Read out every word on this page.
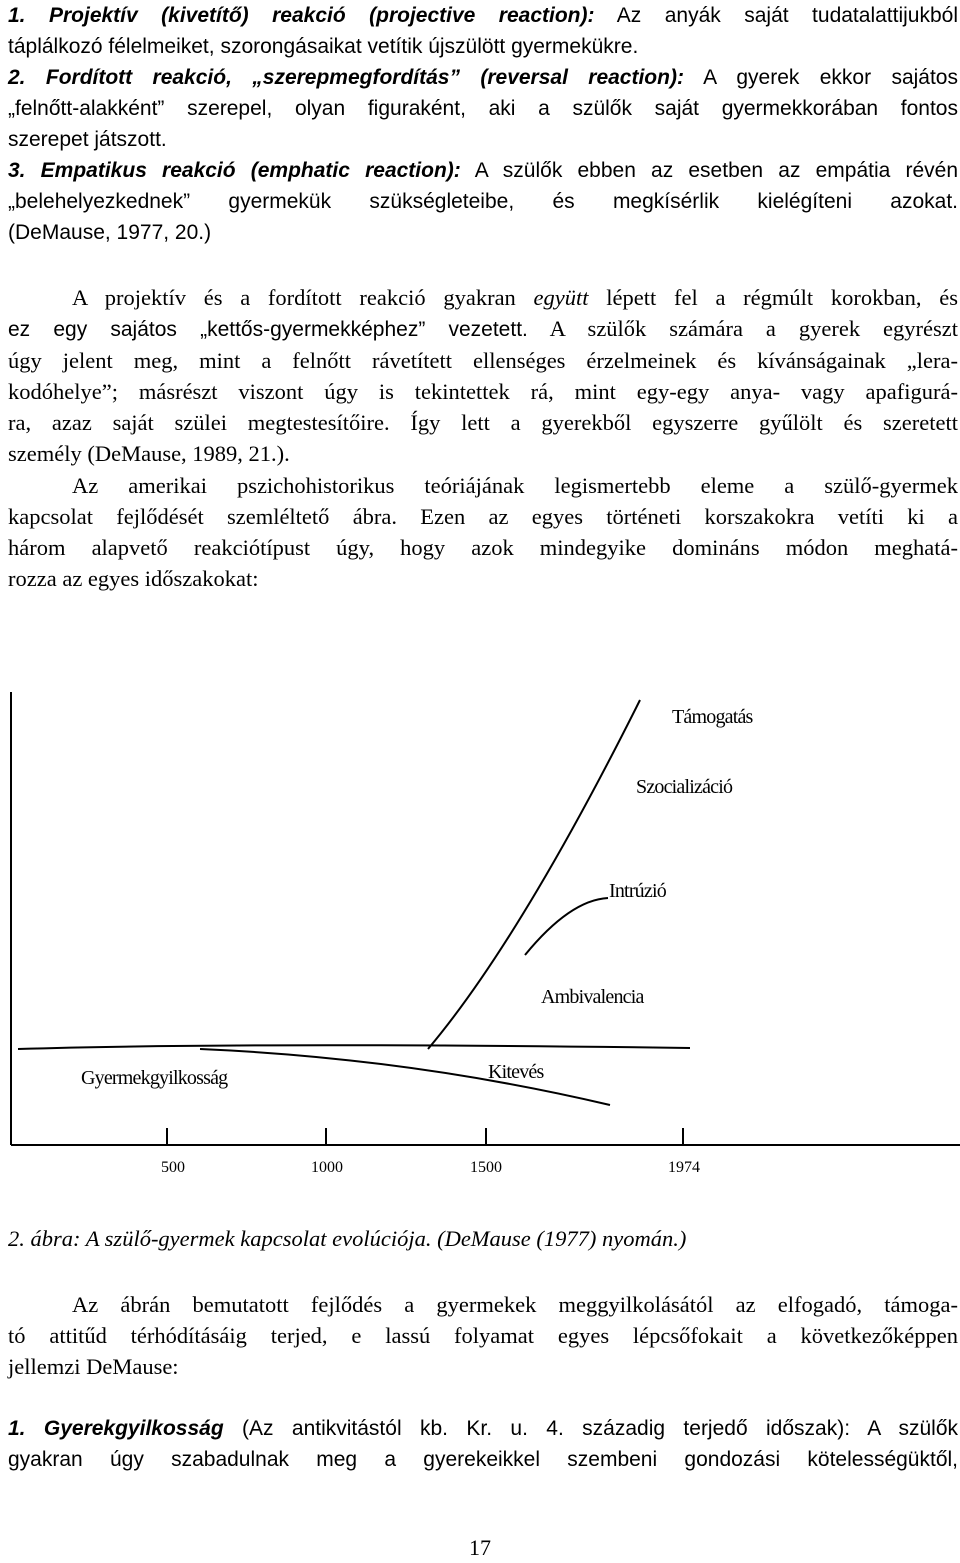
1. Projektív (kivetítő) reakció (projective reaction): Az anyák saját tudatalattijukból
táplálkozó félelmeiket, szorongásaikat vetítik újszülött gyermekükre.
2. Fordított reakció, „szerepmegfordítás” (reversal reaction): A gyerek ekkor sajátos
„felnőtt-alakként” szerepel, olyan figuraként, aki a szülők saját gyermekkorában fontos
szerepet játszott.
3. Empatikus reakció (emphatic reaction): A szülők ebben az esetben az empátia révén
„belehelyezkednek” gyermekük szükségleteibe, és megkísérlik kielégíteni azokat.
(DeMause, 1977, 20.)
A projektív és a fordított reakció gyakran együtt lépett fel a régmúlt korokban, és
ez egy sajátos „kettős-gyermekképhez” vezetett. A szülők számára a gyerek egyrészt
úgy jelent meg, mint a felnőtt rávetített ellenséges érzelmeinek és kívánságainak „lera-
kodóhelye”; másrészt viszont úgy is tekintettek rá, mint egy-egy anya- vagy apafigurá-
ra, azaz saját szülei megtestesítőire. Így lett a gyerekből egyszerre gyűlölt és szeretett
személy (DeMause, 1989, 21.).
Az amerikai pszichohistorikus teóriájának legismertebb eleme a szülő-gyermek
kapcsolat fejlődését szemléltető ábra. Ezen az egyes történeti korszakokra vetíti ki a
három alapvető reakciótípust úgy, hogy azok mindegyike domináns módon meghatá-
rozza az egyes időszakokat:
Támogatás
Szocializáció
Intrúzió
Ambivalencia
Gyermekgyilkosság	Kitevés
500	1000	1500	1974

2. ábra: A szülő-gyermek kapcsolat evolúciója. (DeMause (1977) nyomán.)

Az ábrán bemutatott fejlődés a gyermekek meggyilkolásától az elfogadó, támoga-
tó attitűd térhódításáig terjed, e lassú folyamat egyes lépcsőfokait a következőképpen
jellemzi DeMause:
1. Gyerekgyilkosság (Az antikvitástól kb. Kr. u. 4. századig terjedő időszak): A szülők
gyakran úgy szabadulnak meg a gyerekeikkel szembeni gondozási kötelességüktől,

17
